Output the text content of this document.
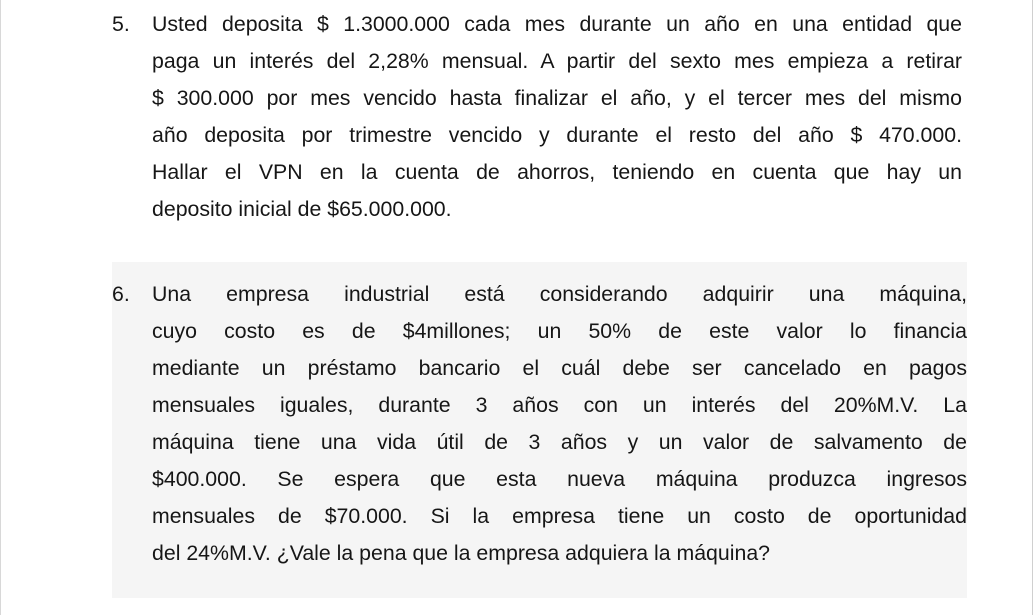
5.	Usted deposita $ 1.3000.000 cada mes durante un año en una entidad que
paga un interés del 2,28% mensual. A partir del sexto mes empieza a retirar
$ 300.000 por mes vencido hasta finalizar el año, y el tercer mes del mismo
año deposita por trimestre vencido y durante el resto del año $ 470.000.
Hallar el VPN en la cuenta de ahorros, teniendo en cuenta que hay un
deposito inicial de $65.000.000.
6.	Una empresa industrial está considerando adquirir una máquina,
cuyo costo es de $4millones; un 50% de este valor lo financia
mediante un préstamo bancario el cuál debe ser cancelado en pagos
mensuales iguales, durante 3 años con un interés del 20%M.V. La
máquina tiene una vida útil de 3 años y un valor de salvamento de
$400.000. Se espera que esta nueva máquina produzca ingresos
mensuales de $70.000. Si la empresa tiene un costo de oportunidad
del 24%M.V. ¿Vale la pena que la empresa adquiera la máquina?
